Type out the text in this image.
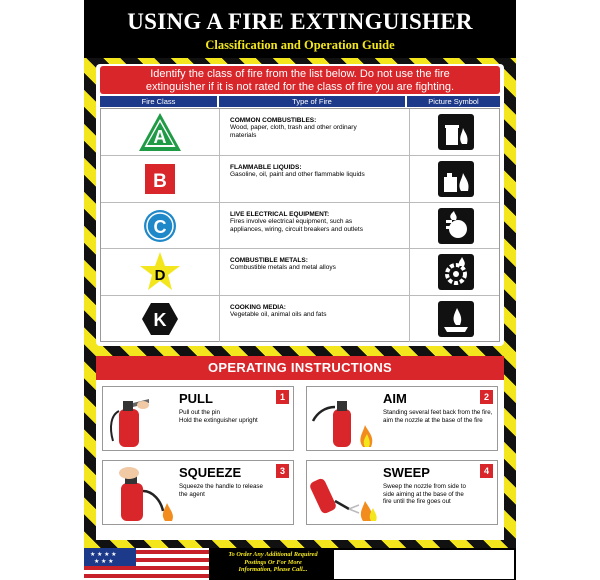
USING A FIRE EXTINGUISHER
Classification and Operation Guide
Identify the class of fire from the list below. Do not use the fire
extinguisher if it is not rated for the class of fire you are fighting.
Fire Class	Type of Fire	Picture Symbol
A
COMMON COMBUSTIBLES:
Wood, paper, cloth, trash and other ordinary
materials
B
FLAMMABLE LIQUIDS:
Gasoline, oil, paint and other flammable liquids
C
LIVE ELECTRICAL EQUIPMENT:
Fires involve electrical equipment, such as
appliances, wiring, circuit breakers and outlets
D
COMBUSTIBLE METALS:
Combustible metals and metal alloys
K
COOKING MEDIA:
Vegetable oil, animal oils and fats
OPERATING INSTRUCTIONS
1
PULL
Pull out the pin
Hold the extinguisher upright
2
AIM
Standing several feet back from the fire,
aim the nozzle at the base of the fire
3
SQUEEZE
Squeeze the handle to release
the agent
4
SWEEP
Sweep the nozzle from side to
side aiming at the base of the
fire until the fire goes out
★ ★ ★ ★
★ ★ ★
To Order Any Additional Required
Postings Or For More
Information, Please Call...
